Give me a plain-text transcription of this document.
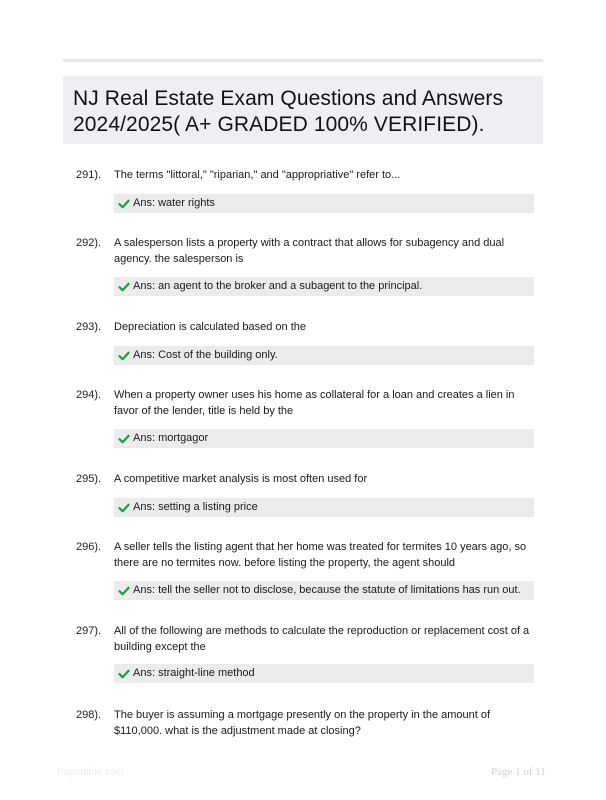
NJ Real Estate Exam Questions and Answers 2024/2025( A+ GRADED 100% VERIFIED).
291). The terms "littoral," "riparian," and "appropriative" refer to...
Ans: water rights
292). A salesperson lists a property with a contract that allows for subagency and dual agency. the salesperson is
Ans: an agent to the broker and a subagent to the principal.
293). Depreciation is calculated based on the
Ans: Cost of the building only.
294). When a property owner uses his home as collateral for a loan and creates a lien in favor of the lender, title is held by the
Ans: mortgagor
295). A competitive market analysis is most often used for
Ans: setting a listing price
296). A seller tells the listing agent that her home was treated for termites 10 years ago, so there are no termites now. before listing the property, the agent should
Ans: tell the seller not to disclose, because the statute of limitations has run out.
297). All of the following are methods to calculate the reproduction or replacement cost of a building except the
Ans: straight-line method
298). The buyer is assuming a mortgage presently on the property in the amount of $110,000. what is the adjustment made at closing?
Papertible.com	Page 1 of 11
